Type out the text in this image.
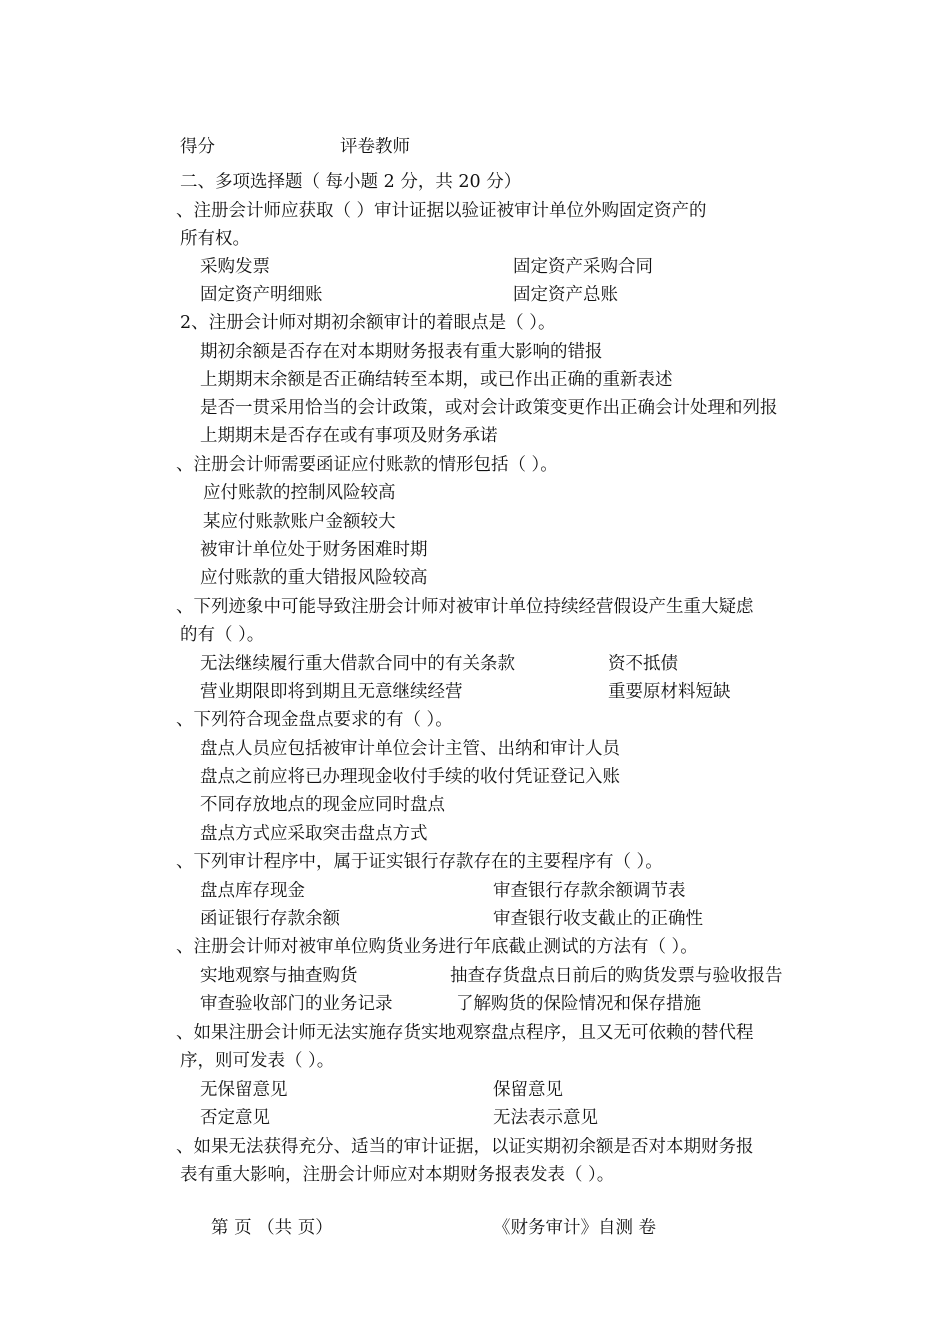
得分	评卷教师
二、多项选择题（ 每小题 2 分，共 20 分）
、注册会计师应获取（ ）审计证据以验证被审计单位外购固定资产的
所有权。
采购发票	固定资产采购合同
固定资产明细账	固定资产总账
2、注册会计师对期初余额审计的着眼点是（ ）。
期初余额是否存在对本期财务报表有重大影响的错报
上期期末余额是否正确结转至本期，或已作出正确的重新表述
是否一贯采用恰当的会计政策，或对会计政策变更作出正确会计处理和列报
上期期末是否存在或有事项及财务承诺
、注册会计师需要函证应付账款的情形包括（ ）。
应付账款的控制风险较高
某应付账款账户金额较大
被审计单位处于财务困难时期
应付账款的重大错报风险较高
、下列迹象中可能导致注册会计师对被审计单位持续经营假设产生重大疑虑
的有（ ）。
无法继续履行重大借款合同中的有关条款	资不抵债
营业期限即将到期且无意继续经营	重要原材料短缺
、下列符合现金盘点要求的有（ ）。
盘点人员应包括被审计单位会计主管、出纳和审计人员
盘点之前应将已办理现金收付手续的收付凭证登记入账
不同存放地点的现金应同时盘点
盘点方式应采取突击盘点方式
、下列审计程序中，属于证实银行存款存在的主要程序有（ ）。
盘点库存现金	审查银行存款余额调节表
函证银行存款余额	审查银行收支截止的正确性
、注册会计师对被审单位购货业务进行年底截止测试的方法有（ ）。
实地观察与抽查购货	抽查存货盘点日前后的购货发票与验收报告
审查验收部门的业务记录	了解购货的保险情况和保存措施
、如果注册会计师无法实施存货实地观察盘点程序，且又无可依赖的替代程
序，则可发表（ ）。
无保留意见	保留意见
否定意见	无法表示意见
、如果无法获得充分、适当的审计证据，以证实期初余额是否对本期财务报
表有重大影响，注册会计师应对本期财务报表发表（ ）。
第 页 （共 页）	《财务审计》自测 卷
